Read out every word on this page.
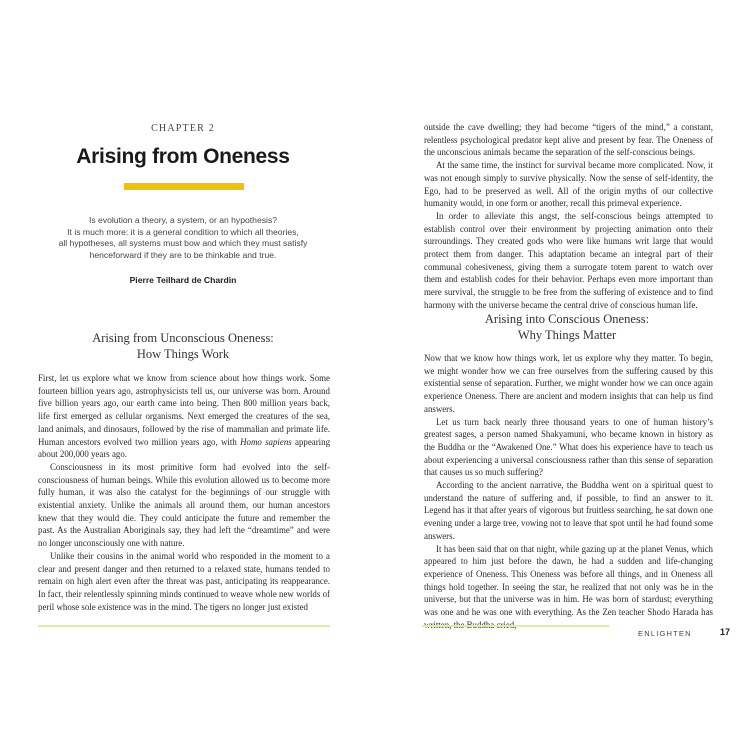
CHAPTER 2
Arising from Oneness
Is evolution a theory, a system, or an hypothesis?
It is much more: it is a general condition to which all theories,
all hypotheses, all systems must bow and which they must satisfy
henceforward if they are to be thinkable and true.
Pierre Teilhard de Chardin
Arising from Unconscious Oneness:
How Things Work

First, let us explore what we know from science about how things work. Some fourteen billion years ago, astrophysicists tell us, our universe was born. Around five billion years ago, our earth came into being. Then 800 million years back, life first emerged as cellular organisms. Next emerged the creatures of the sea, land animals, and dinosaurs, followed by the rise of mammalian and primate life. Human ancestors evolved two million years ago, with Homo sapiens appearing about 200,000 years ago.

Consciousness in its most primitive form had evolved into the self-consciousness of human beings. While this evolution allowed us to become more fully human, it was also the catalyst for the beginnings of our struggle with existential anxiety. Unlike the animals all around them, our human ancestors knew that they would die. They could anticipate the future and remember the past. As the Australian Aboriginals say, they had left the “dreamtime” and were no longer unconsciously one with nature.

Unlike their cousins in the animal world who responded in the moment to a clear and present danger and then returned to a relaxed state, humans tended to remain on high alert even after the threat was past, anticipating its reappearance. In fact, their relentlessly spinning minds continued to weave whole new worlds of peril whose sole existence was in the mind. The tigers no longer just existed

outside the cave dwelling; they had become “tigers of the mind,” a constant, relentless psychological predator kept alive and present by fear. The Oneness of the unconscious animals became the separation of the self-conscious beings.

At the same time, the instinct for survival became more complicated. Now, it was not enough simply to survive physically. Now the sense of self-identity, the Ego, had to be preserved as well. All of the origin myths of our collective humanity would, in one form or another, recall this primeval experience.

In order to alleviate this angst, the self-conscious beings attempted to establish control over their environment by projecting animation onto their surroundings. They created gods who were like humans writ large that would protect them from danger. This adaptation became an integral part of their communal cohesiveness, giving them a surrogate totem parent to watch over them and establish codes for their behavior. Perhaps even more important than mere survival, the struggle to be free from the suffering of existence and to find harmony with the universe became the central drive of conscious human life.

Arising into Conscious Oneness:
Why Things Matter

Now that we know how things work, let us explore why they matter. To begin, we might wonder how we can free ourselves from the suffering caused by this existential sense of separation. Further, we might wonder how we can once again experience Oneness. There are ancient and modern insights that can help us find answers.

Let us turn back nearly three thousand years to one of human history’s greatest sages, a person named Shakyamuni, who became known in history as the Buddha or the “Awakened One.” What does his experience have to teach us about experiencing a universal consciousness rather than this sense of separation that causes us so much suffering?

According to the ancient narrative, the Buddha went on a spiritual quest to understand the nature of suffering and, if possible, to find an answer to it. Legend has it that after years of vigorous but fruitless searching, he sat down one evening under a large tree, vowing not to leave that spot until he had found some answers.

It has been said that on that night, while gazing up at the planet Venus, which appeared to him just before the dawn, he had a sudden and life-changing experience of Oneness. This Oneness was before all things, and in Oneness all things hold together. In seeing the star, he realized that not only was he in the universe, but that the universe was in him. He was born of stardust; everything was one and he was one with everything. As the Zen teacher Shodo Harada has

ENLIGHTEN	17
